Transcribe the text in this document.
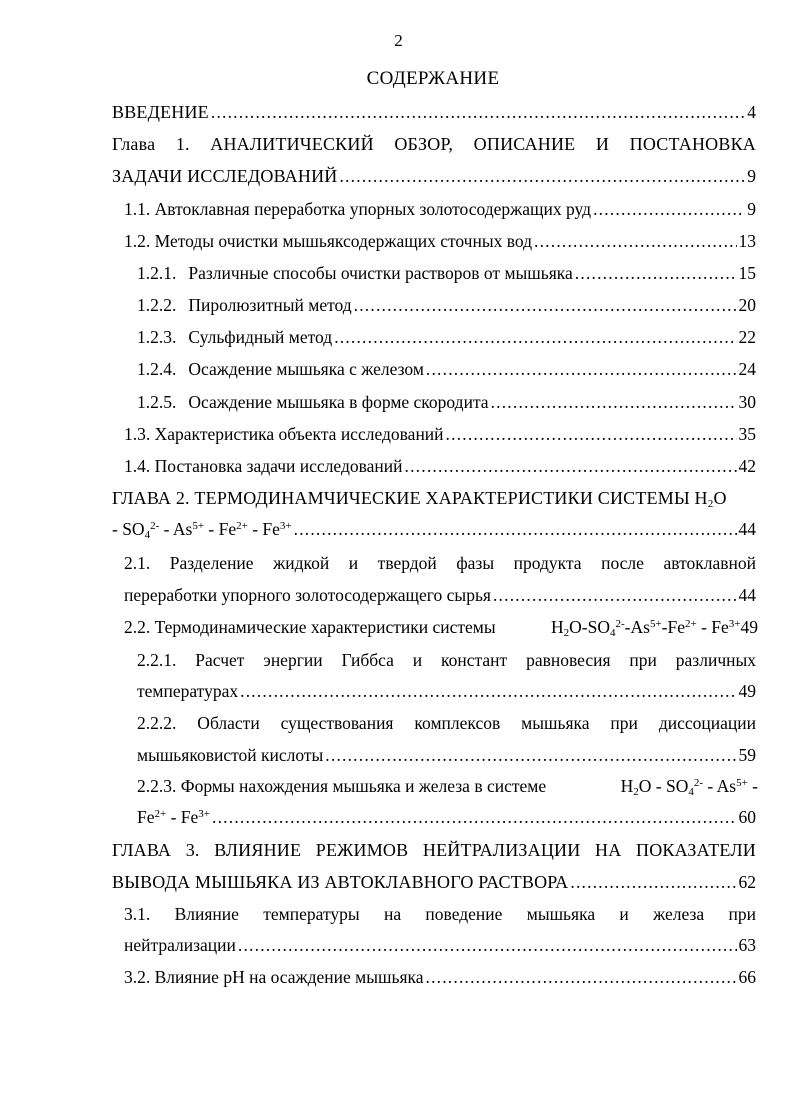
2
СОДЕРЖАНИЕ
ВВЕДЕНИЕ .....	4
Глава 1. АНАЛИТИЧЕСКИЙ ОБЗОР, ОПИСАНИЕ И ПОСТАНОВКА
ЗАДАЧИ ИССЛЕДОВАНИЙ .....	9
1.1. Автоклавная переработка упорных золотосодержащих руд .....	9
1.2. Методы очистки мышьяксодержащих сточных вод .....	13
1.2.1. Различные способы очистки растворов от мышьяка .....	15
1.2.2. Пиролюзитный метод .....	20
1.2.3. Сульфидный метод .....	22
1.2.4. Осаждение мышьяка с железом .....	24
1.2.5. Осаждение мышьяка в форме скородита .....	30
1.3. Характеристика объекта исследований .....	35
1.4. Постановка задачи исследований .....	42
ГЛАВА 2. ТЕРМОДИНАМЧИЧЕСКИЕ ХАРАКТЕРИСТИКИ СИСТЕМЫ $H_2O$
- $SO_4^{2-} - As^{5+} - Fe^{2+} - Fe^{3+}$ .....	44
2.1. Разделение жидкой и твердой фазы продукта после автоклавной
переработки упорного золотосодержащего сырья .....	44
2.2. Термодинамические характеристики системы	$H_2O-SO_4^{2-}-As^{5+}-Fe^{2+} - Fe^{3+}49$
2.2.1. Расчет энергии Гиббса и констант равновесия при различных
температурах .....	49
2.2.2. Области существования комплексов мышьяка при диссоциации
мышьяковистой кислоты .....	59
2.2.3. Формы нахождения мышьяка и железа в системе	$H_2O - SO_4^{2-} - As^{5+}$ -
$Fe^{2+} - Fe^{3+}$ .....	60
ГЛАВА 3. ВЛИЯНИЕ РЕЖИМОВ НЕЙТРАЛИЗАЦИИ НА ПОКАЗАТЕЛИ
ВЫВОДА МЫШЬЯКА ИЗ АВТОКЛАВНОГО РАСТВОРА .....	62
3.1. Влияние температуры на поведение мышьяка и железа при
нейтрализации .....	63
3.2. Влияние pH на осаждение мышьяка .....	66
